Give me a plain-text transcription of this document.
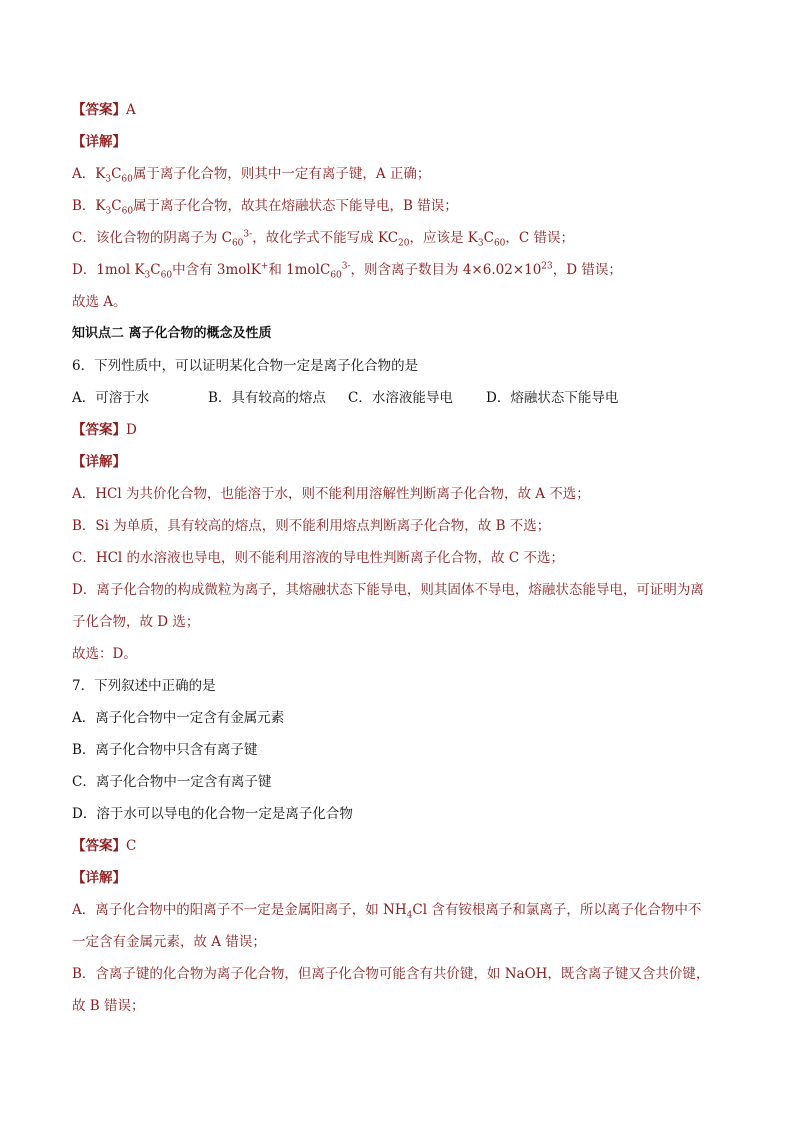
【答案】A
【详解】
A．$K_3C_{60}$属于离子化合物，则其中一定有离子键，A 正确；
B．$K_3C_{60}$属于离子化合物，故其在熔融状态下能导电，B 错误；
C．该化合物的阴离子为 $C_{60}^{3-}$，故化学式不能写成 $KC_{20}$，应该是 $K_3C_{60}$，C 错误；
D．1mol $K_3C_{60}$中含有 3molK+和 1molC$_{60}^{3-}$，则含离子数目为 $4\times 6.02\times 10^{23}$，D 错误；
故选 A。
知识点二 离子化合物的概念及性质
6．下列性质中，可以证明某化合物一定是离子化合物的是
A．可溶于水	B．具有较高的熔点 C．水溶液能导电 D．熔融状态下能导电
【答案】D
【详解】
A．HCl 为共价化合物，也能溶于水，则不能利用溶解性判断离子化合物，故 A 不选；
B．Si 为单质，具有较高的熔点，则不能利用熔点判断离子化合物，故 B 不选；
C．HCl 的水溶液也导电，则不能利用溶液的导电性判断离子化合物，故 C 不选；
D．离子化合物的构成微粒为离子，其熔融状态下能导电，则其固体不导电，熔融状态能导电，可证明为离
子化合物，故 D 选；
故选：D。
7．下列叙述中正确的是
A．离子化合物中一定含有金属元素
B．离子化合物中只含有离子键
C．离子化合物中一定含有离子键
D．溶于水可以导电的化合物一定是离子化合物
【答案】C
【详解】
A．离子化合物中的阳离子不一定是金属阳离子，如 $NH_4Cl$ 含有铵根离子和氯离子，所以离子化合物中不
一定含有金属元素，故 A 错误；
B．含离子键的化合物为离子化合物，但离子化合物可能含有共价键，如 NaOH，既含离子键又含共价键，
故 B 错误；
